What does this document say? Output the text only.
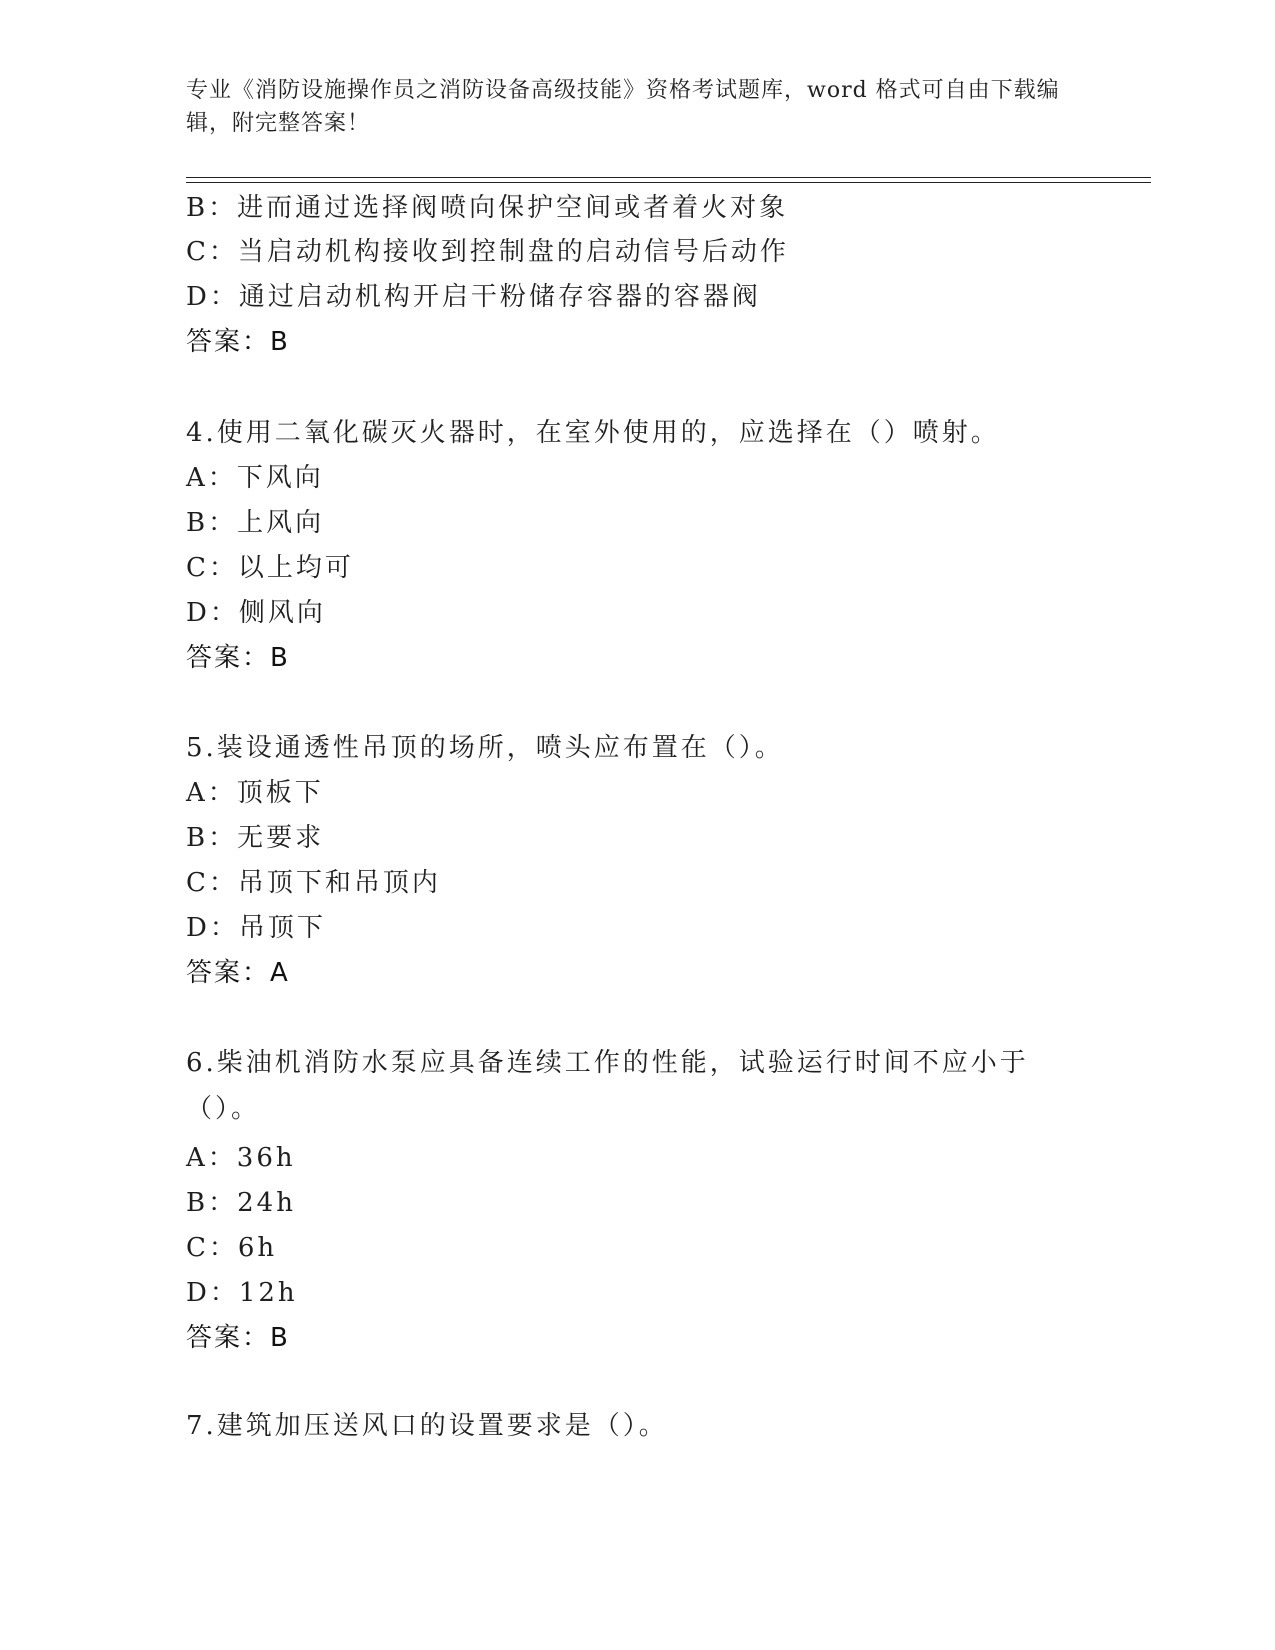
专业《消防设施操作员之消防设备高级技能》资格考试题库，word 格式可自由下载编辑，附完整答案！
B：进而通过选择阀喷向保护空间或者着火对象
C：当启动机构接收到控制盘的启动信号后动作
D：通过启动机构开启干粉储存容器的容器阀
答案：B
4.使用二氧化碳灭火器时，在室外使用的，应选择在（）喷射。
A：下风向
B：上风向
C：以上均可
D：侧风向
答案：B
5.装设通透性吊顶的场所，喷头应布置在（）。
A：顶板下
B：无要求
C：吊顶下和吊顶内
D：吊顶下
答案：A
6.柴油机消防水泵应具备连续工作的性能，试验运行时间不应小于（）。
A：36h
B：24h
C：6h
D：12h
答案：B
7.建筑加压送风口的设置要求是（）。
